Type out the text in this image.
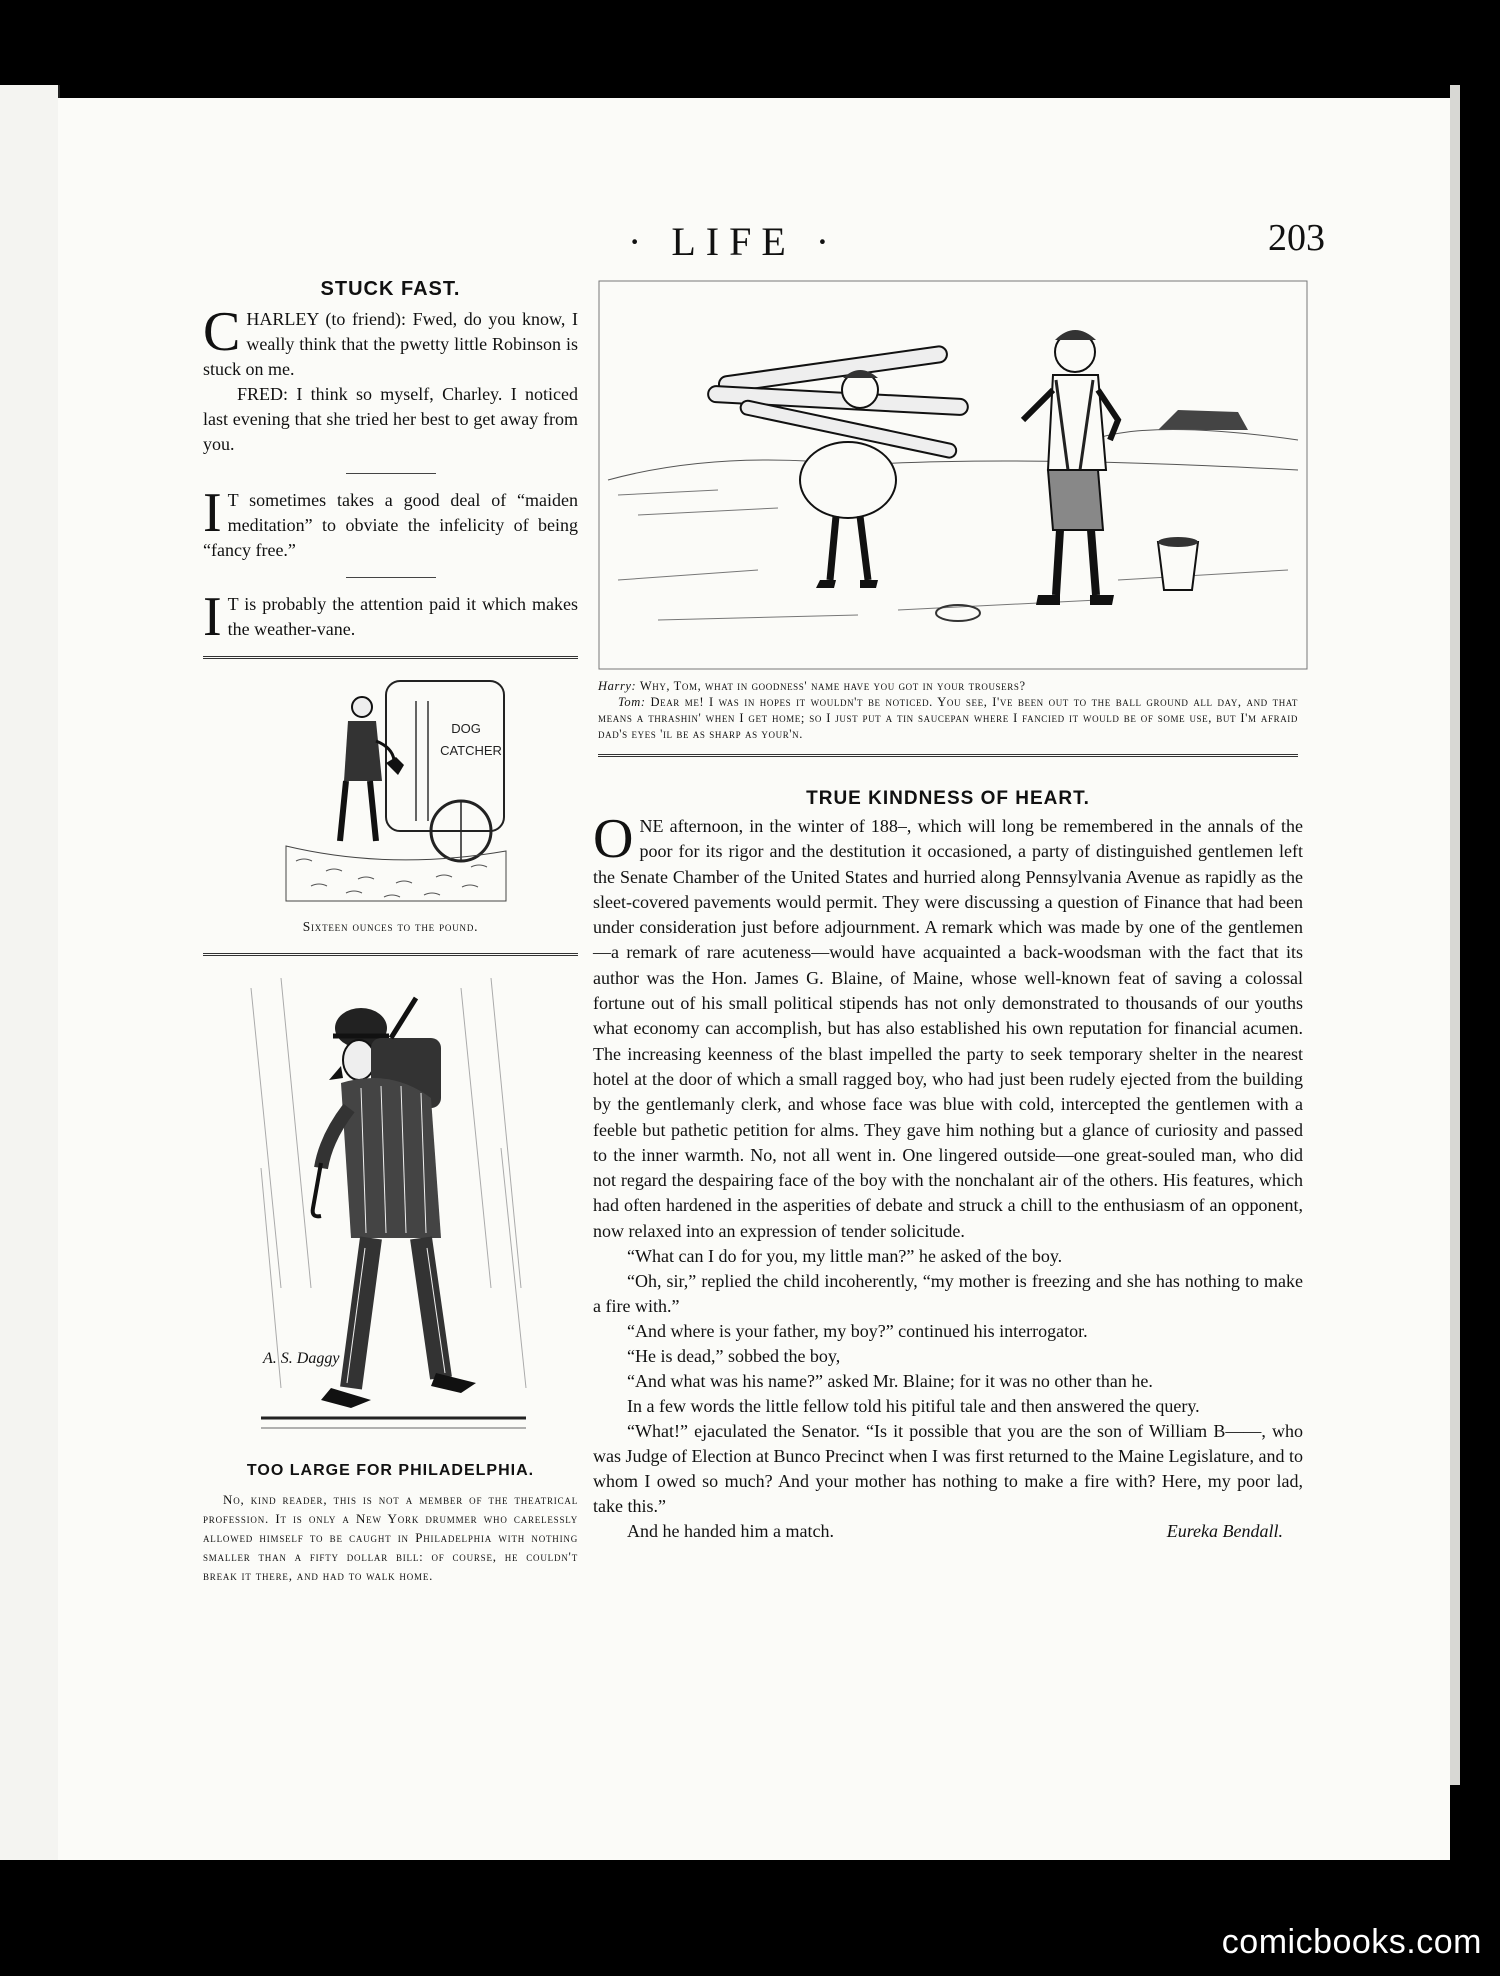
· LIFE ·	203
STUCK FAST.

CHARLEY (to friend): Fwed, do you know, I weally think that the pwetty little Robinson is stuck on me.

FRED: I think so myself, Charley. I noticed last evening that she tried her best to get away from you.

I T sometimes takes a good deal of “maiden meditation” to obviate the infelicity of being “fancy free.”

I T is probably the attention paid it which makes the weather-vane.

DOG
CATCHER
Sixteen ounces to the pound.
A. S. Daggy
TOO LARGE FOR PHILADELPHIA.

No, kind reader, this is not a member of the theatrical profession. It is only a New York drummer who carelessly allowed himself to be caught in Philadelphia with nothing smaller than a fifty dollar bill: of course, he couldn't break it there, and had to walk home.

Harry: Why, Tom, what in goodness' name have you got in your trousers?
Tom: Dear me! I was in hopes it wouldn't be noticed. You see, I've been out to the ball ground all day, and that means a thrashin' when I get home; so I just put a tin saucepan where I fancied it would be of some use, but I'm afraid dad's eyes 'il be as sharp as your'n.
TRUE KINDNESS OF HEART.

ONE afternoon, in the winter of 188–, which will long be remembered in the annals of the poor for its rigor and the destitution it occasioned, a party of distinguished gentlemen left the Senate Chamber of the United States and hurried along Pennsylvania Avenue as rapidly as the sleet-covered pavements would permit. They were discussing a question of Finance that had been under consideration just before adjournment. A remark which was made by one of the gentlemen—a remark of rare acuteness—would have acquainted a back-woodsman with the fact that its author was the Hon. James G. Blaine, of Maine, whose well-known feat of saving a colossal fortune out of his small political stipends has not only demonstrated to thousands of our youths what economy can accomplish, but has also established his own reputation for financial acumen. The increasing keenness of the blast impelled the party to seek temporary shelter in the nearest hotel at the door of which a small ragged boy, who had just been rudely ejected from the building by the gentlemanly clerk, and whose face was blue with cold, intercepted the gentlemen with a feeble but pathetic petition for alms. They gave him nothing but a glance of curiosity and passed to the inner warmth. No, not all went in. One lingered outside—one great-souled man, who did not regard the despairing face of the boy with the nonchalant air of the others. His features, which had often hardened in the asperities of debate and struck a chill to the enthusiasm of an opponent, now relaxed into an expression of tender solicitude.

“What can I do for you, my little man?” he asked of the boy.

“Oh, sir,” replied the child incoherently, “my mother is freezing and she has nothing to make a fire with.”

“And where is your father, my boy?” continued his interrogator.

“He is dead,” sobbed the boy,

“And what was his name?” asked Mr. Blaine; for it was no other than he.

In a few words the little fellow told his pitiful tale and then answered the query.

“What!” ejaculated the Senator. “Is it possible that you are the son of William B——, who was Judge of Election at Bunco Precinct when I was first returned to the Maine Legislature, and to whom I owed so much? And your mother has nothing to make a fire with? Here, my poor lad, take this.”

And he handed him a match.	Eureka Bendall.

comicbooks.com
